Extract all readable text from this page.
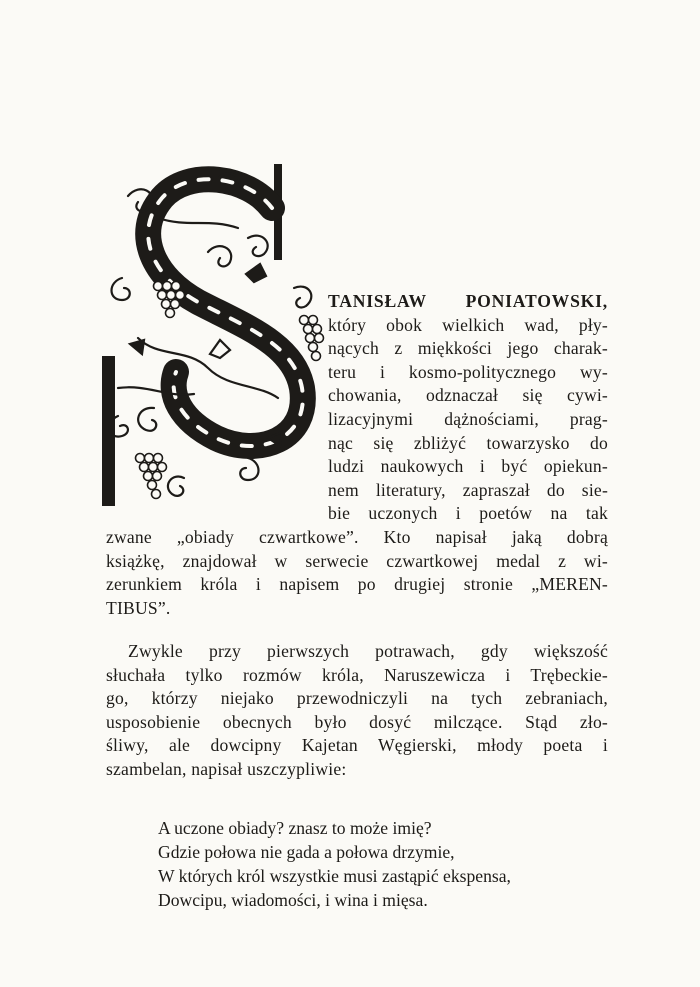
TANISŁAW PONIATOWSKI,
który obok wielkich wad, pły-
nących z miękkości jego charak-
teru i kosmo-politycznego wy-
chowania, odznaczał się cywi-
lizacyjnymi dążnościami, prag-
nąc się zbliżyć towarzysko do
ludzi naukowych i być opiekun-
nem literatury, zapraszał do sie-
bie uczonych i poetów na tak
zwane „obiady czwartkowe”. Kto napisał jaką dobrą
książkę, znajdował w serwecie czwartkowej medal z wi-
zerunkiem króla i napisem po drugiej stronie „MEREN-
TIBUS”.
Zwykle przy pierwszych potrawach, gdy większość
słuchała tylko rozmów króla, Naruszewicza i Trębeckie-
go, którzy niejako przewodniczyli na tych zebraniach,
usposobienie obecnych było dosyć milczące. Stąd zło-
śliwy, ale dowcipny Kajetan Węgierski, młody poeta i
szambelan, napisał uszczypliwie:
A uczone obiady? znasz to może imię?
Gdzie połowa nie gada a połowa drzymie,
W których król wszystkie musi zastąpić ekspensa,
Dowcipu, wiadomości, i wina i mięsa.
